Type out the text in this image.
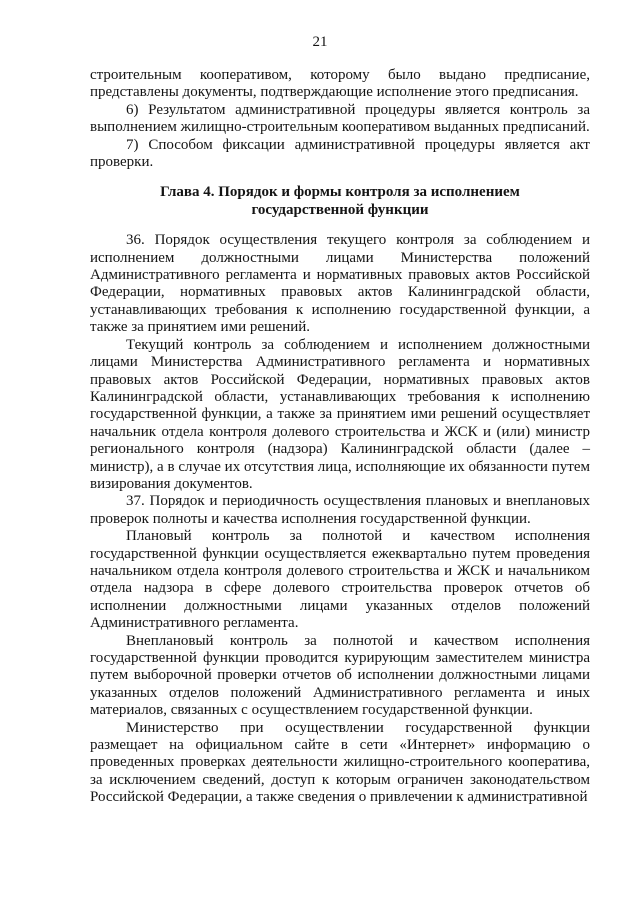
21

строительным кооперативом, которому было выдано предписание, представлены документы, подтверждающие исполнение этого предписания.

6) Результатом административной процедуры является контроль за выполнением жилищно-строительным кооперативом выданных предписаний.

7) Способом фиксации административной процедуры является акт проверки.

Глава 4. Порядок и формы контроля за исполнением
государственной функции

36. Порядок осуществления текущего контроля за соблюдением и исполнением должностными лицами Министерства положений Административного регламента и нормативных правовых актов Российской Федерации, нормативных правовых актов Калининградской области, устанавливающих требования к исполнению государственной функции, а также за принятием ими решений.

Текущий контроль за соблюдением и исполнением должностными лицами Министерства Административного регламента и нормативных правовых актов Российской Федерации, нормативных правовых актов Калининградской области, устанавливающих требования к исполнению государственной функции, а также за принятием ими решений осуществляет начальник отдела контроля долевого строительства и ЖСК и (или) министр регионального контроля (надзора) Калининградской области (далее – министр), а в случае их отсутствия лица, исполняющие их обязанности путем визирования документов.

37. Порядок и периодичность осуществления плановых и внеплановых проверок полноты и качества исполнения государственной функции.

Плановый контроль за полнотой и качеством исполнения государственной функции осуществляется ежеквартально путем проведения начальником отдела контроля долевого строительства и ЖСК и начальником отдела надзора в сфере долевого строительства проверок отчетов об исполнении должностными лицами указанных отделов положений Административного регламента.

Внеплановый контроль за полнотой и качеством исполнения государственной функции проводится курирующим заместителем министра путем выборочной проверки отчетов об исполнении должностными лицами указанных отделов положений Административного регламента и иных материалов, связанных с осуществлением государственной функции.

Министерство при осуществлении государственной функции размещает на официальном сайте в сети «Интернет» информацию о проведенных проверках деятельности жилищно-строительного кооператива, за исключением сведений, доступ к которым ограничен законодательством Российской Федерации, а также сведения о привлечении к административной
